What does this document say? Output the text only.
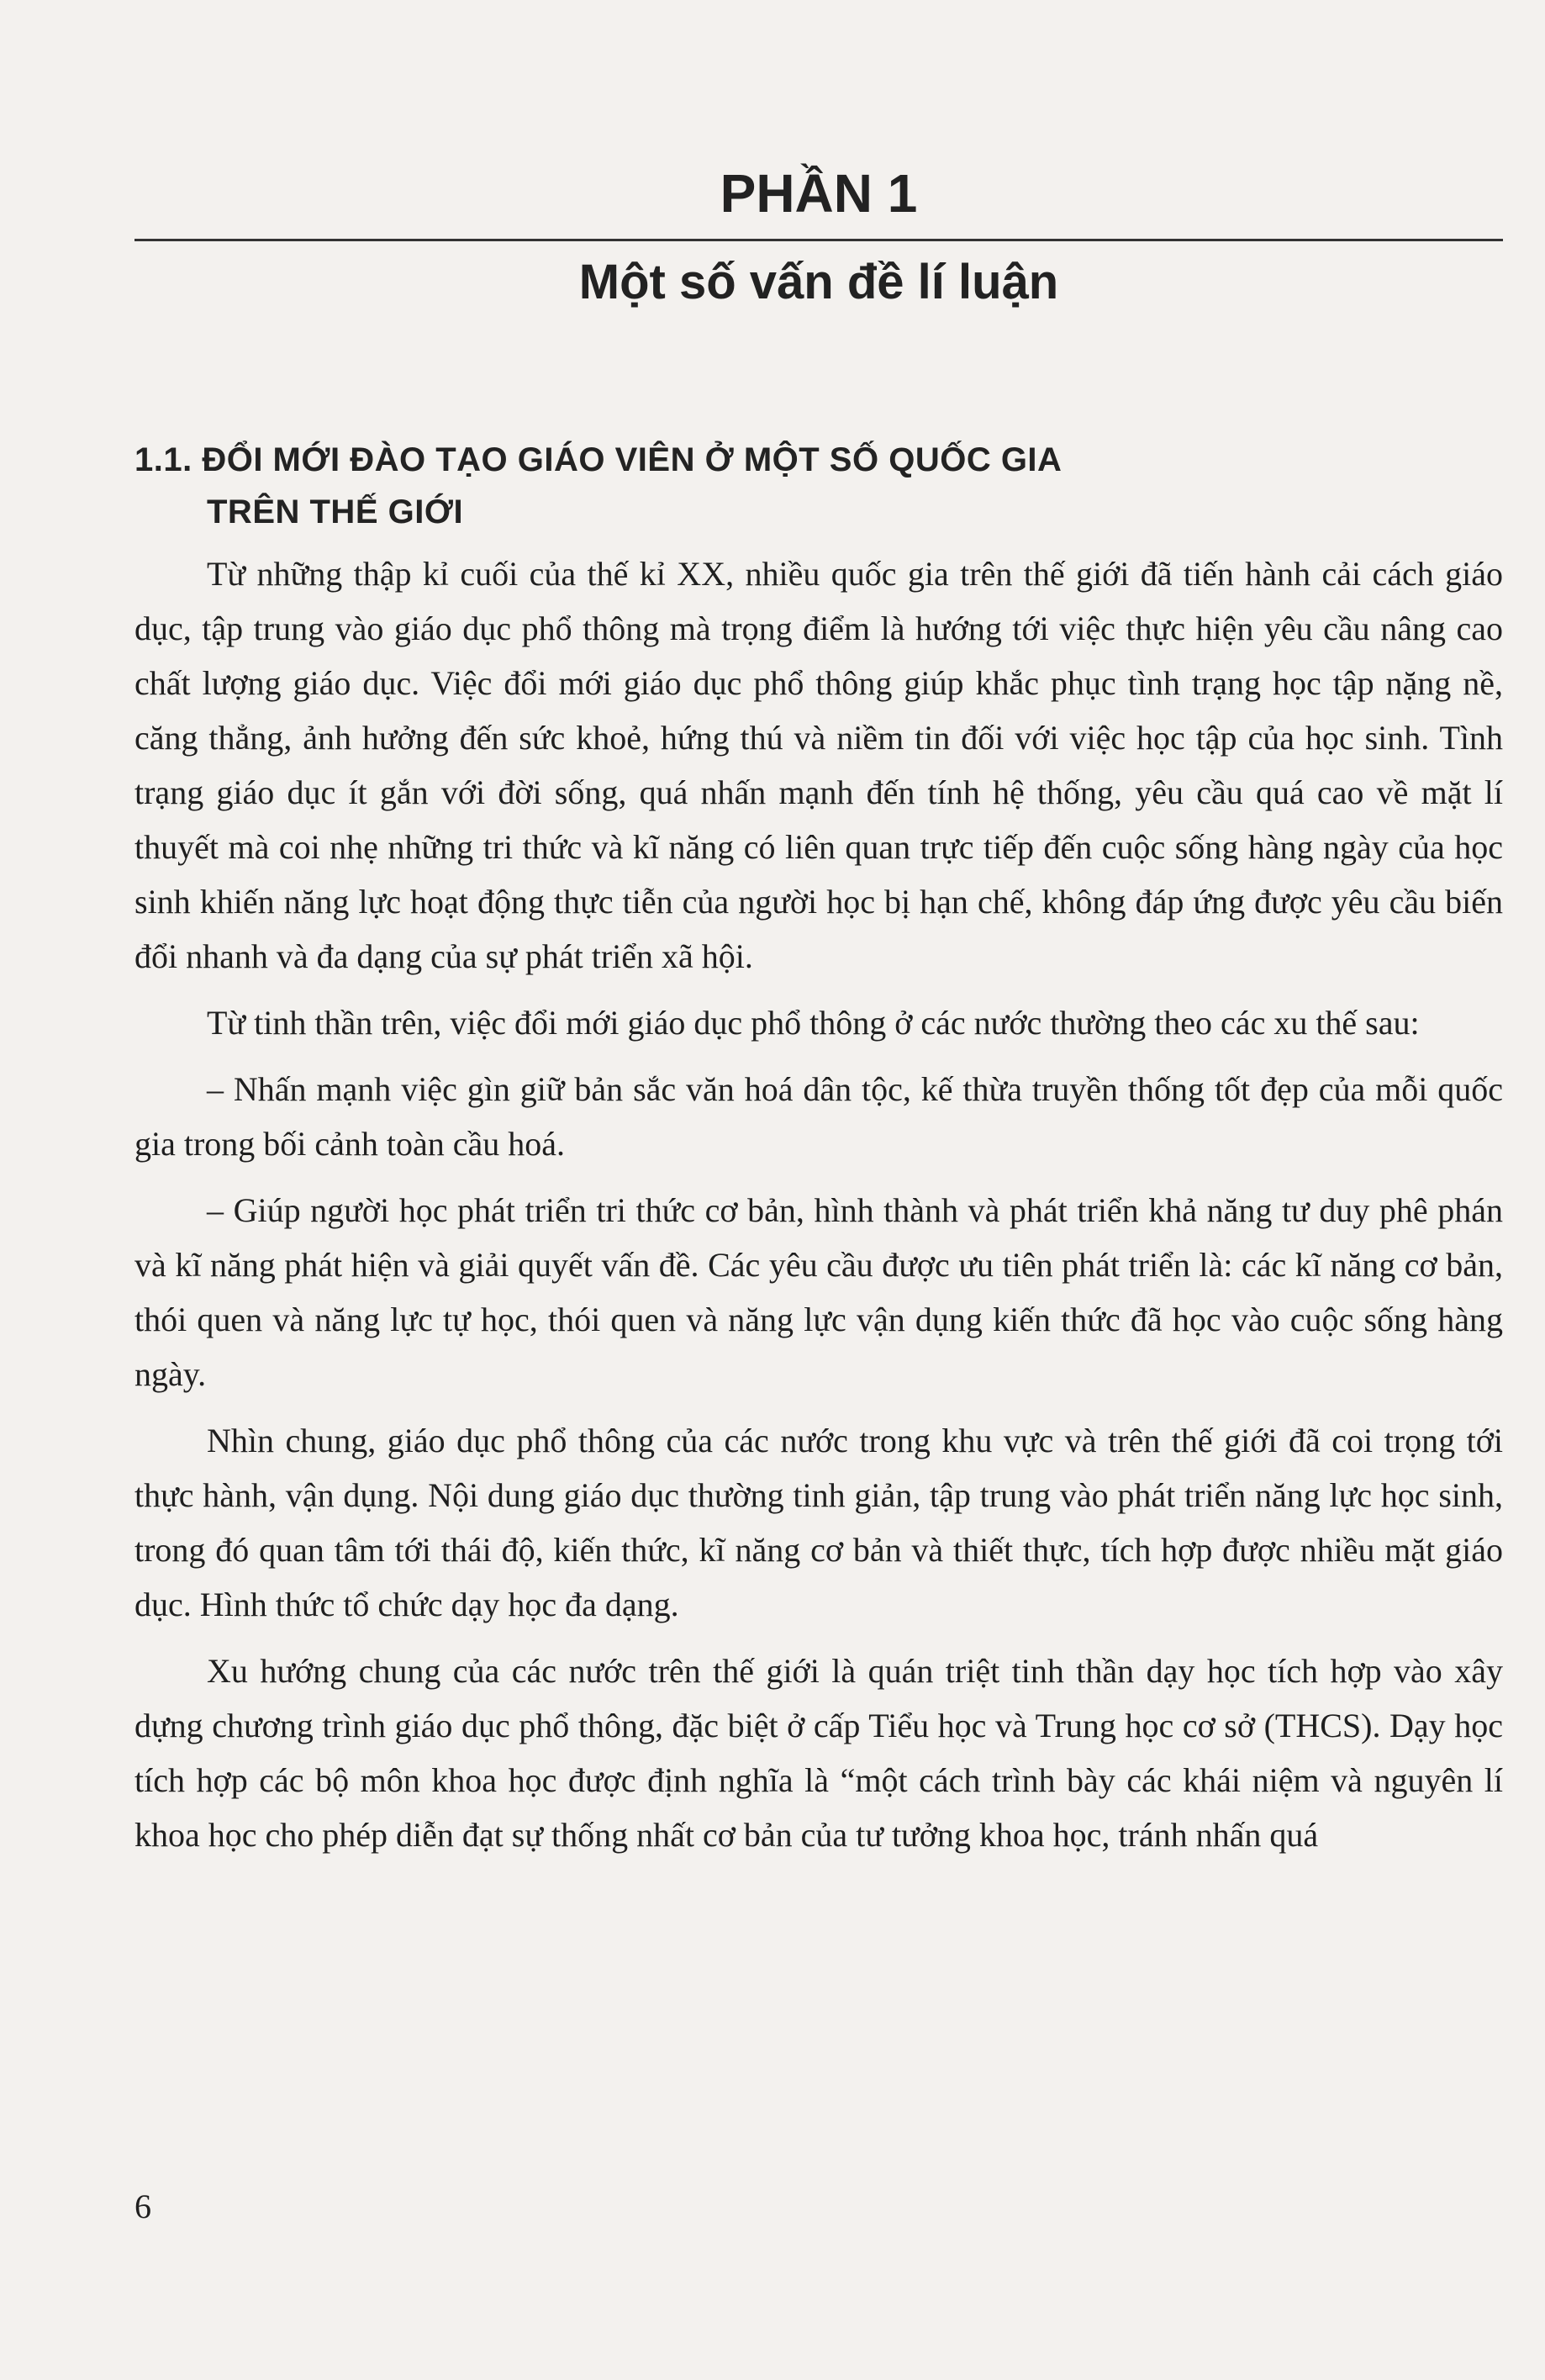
PHẦN 1
Một số vấn đề lí luận
1.1. ĐỔI MỚI ĐÀO TẠO GIÁO VIÊN Ở MỘT SỐ QUỐC GIA
TRÊN THẾ GIỚI

Từ những thập kỉ cuối của thế kỉ XX, nhiều quốc gia trên thế giới đã tiến hành cải cách giáo dục, tập trung vào giáo dục phổ thông mà trọng điểm là hướng tới việc thực hiện yêu cầu nâng cao chất lượng giáo dục. Việc đổi mới giáo dục phổ thông giúp khắc phục tình trạng học tập nặng nề, căng thẳng, ảnh hưởng đến sức khoẻ, hứng thú và niềm tin đối với việc học tập của học sinh. Tình trạng giáo dục ít gắn với đời sống, quá nhấn mạnh đến tính hệ thống, yêu cầu quá cao về mặt lí thuyết mà coi nhẹ những tri thức và kĩ năng có liên quan trực tiếp đến cuộc sống hàng ngày của học sinh khiến năng lực hoạt động thực tiễn của người học bị hạn chế, không đáp ứng được yêu cầu biến đổi nhanh và đa dạng của sự phát triển xã hội.

Từ tinh thần trên, việc đổi mới giáo dục phổ thông ở các nước thường theo các xu thế sau:

– Nhấn mạnh việc gìn giữ bản sắc văn hoá dân tộc, kế thừa truyền thống tốt đẹp của mỗi quốc gia trong bối cảnh toàn cầu hoá.

– Giúp người học phát triển tri thức cơ bản, hình thành và phát triển khả năng tư duy phê phán và kĩ năng phát hiện và giải quyết vấn đề. Các yêu cầu được ưu tiên phát triển là: các kĩ năng cơ bản, thói quen và năng lực tự học, thói quen và năng lực vận dụng kiến thức đã học vào cuộc sống hàng ngày.

Nhìn chung, giáo dục phổ thông của các nước trong khu vực và trên thế giới đã coi trọng tới thực hành, vận dụng. Nội dung giáo dục thường tinh giản, tập trung vào phát triển năng lực học sinh, trong đó quan tâm tới thái độ, kiến thức, kĩ năng cơ bản và thiết thực, tích hợp được nhiều mặt giáo dục. Hình thức tổ chức dạy học đa dạng.

Xu hướng chung của các nước trên thế giới là quán triệt tinh thần dạy học tích hợp vào xây dựng chương trình giáo dục phổ thông, đặc biệt ở cấp Tiểu học và Trung học cơ sở (THCS). Dạy học tích hợp các bộ môn khoa học được định nghĩa là “một cách trình bày các khái niệm và nguyên lí khoa học cho phép diễn đạt sự thống nhất cơ bản của tư tưởng khoa học, tránh nhấn quá

6
